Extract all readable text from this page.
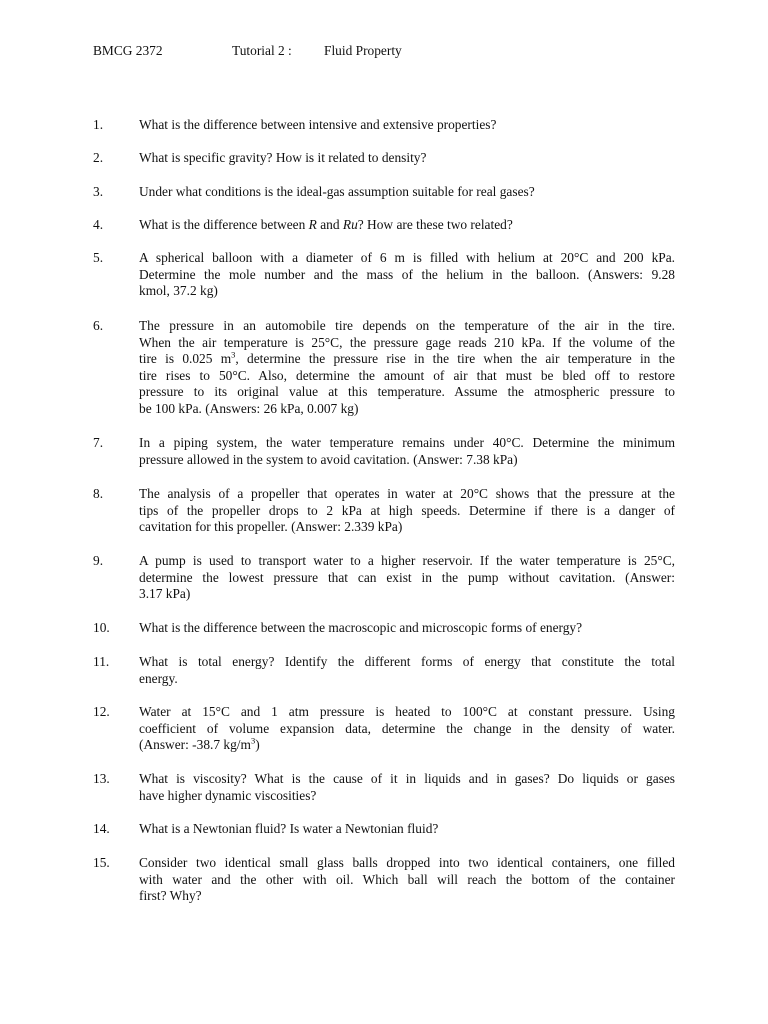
BMCG 2372	Tutorial 2 : Fluid Property
1.	What is the difference between intensive and extensive properties?
2.	What is specific gravity? How is it related to density?
3.	Under what conditions is the ideal-gas assumption suitable for real gases?
4.	What is the difference between R and Ru? How are these two related?
5.	A spherical balloon with a diameter of 6 m is filled with helium at 20°C and 200 kPa.
Determine the mole number and the mass of the helium in the balloon. (Answers: 9.28
kmol, 37.2 kg)
6.	The pressure in an automobile tire depends on the temperature of the air in the tire.
When the air temperature is 25°C, the pressure gage reads 210 kPa. If the volume of the
tire is 0.025 $m^3$, determine the pressure rise in the tire when the air temperature in the
tire rises to 50°C. Also, determine the amount of air that must be bled off to restore
pressure to its original value at this temperature. Assume the atmospheric pressure to
be 100 kPa. (Answers: 26 kPa, 0.007 kg)
7.	In a piping system, the water temperature remains under 40°C. Determine the minimum
pressure allowed in the system to avoid cavitation. (Answer: 7.38 kPa)
8.	The analysis of a propeller that operates in water at 20°C shows that the pressure at the
tips of the propeller drops to 2 kPa at high speeds. Determine if there is a danger of
cavitation for this propeller. (Answer: 2.339 kPa)
9.	A pump is used to transport water to a higher reservoir. If the water temperature is 25°C,
determine the lowest pressure that can exist in the pump without cavitation. (Answer:
3.17 kPa)
10. What is the difference between the macroscopic and microscopic forms of energy?
11. What is total energy? Identify the different forms of energy that constitute the total
energy.
12. Water at 15°C and 1 atm pressure is heated to 100°C at constant pressure. Using
coefficient of volume expansion data, determine the change in the density of water.
(Answer: -38.7 $kg/m^3$)
13. What is viscosity? What is the cause of it in liquids and in gases? Do liquids or gases
have higher dynamic viscosities?
14. What is a Newtonian fluid? Is water a Newtonian fluid?
15. Consider two identical small glass balls dropped into two identical containers, one filled
with water and the other with oil. Which ball will reach the bottom of the container
first? Why?
